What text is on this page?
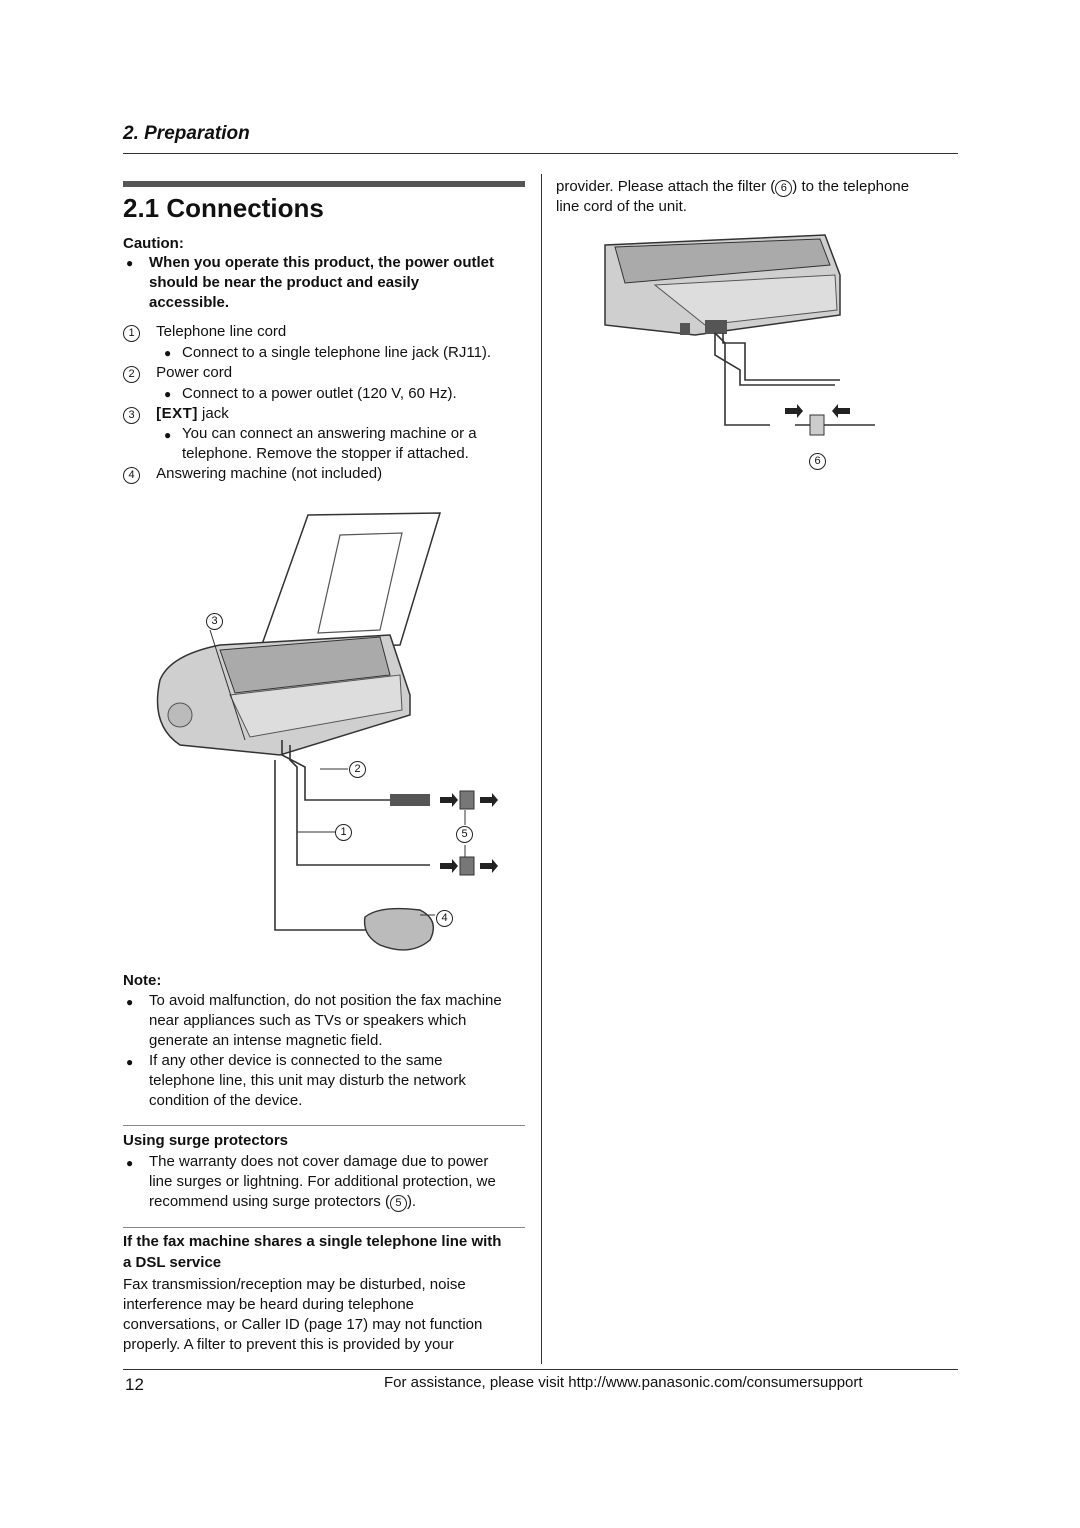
2. Preparation
2.1 Connections
Caution:
● When you operate this product, the power outlet
should be near the product and easily
accessible.
1 Telephone line cord
● Connect to a single telephone line jack (RJ11).
2 Power cord
● Connect to a power outlet (120 V, 60 Hz).
3 [EXT] jack
● You can connect an answering machine or a
telephone. Remove the stopper if attached.
4 Answering machine (not included)
3
2
1	5
4
Note:
● To avoid malfunction, do not position the fax machine
near appliances such as TVs or speakers which
generate an intense magnetic field.
● If any other device is connected to the same
telephone line, this unit may disturb the network
condition of the device.
Using surge protectors
● The warranty does not cover damage due to power
line surges or lightning. For additional protection, we
recommend using surge protectors ( 5 ).
If the fax machine shares a single telephone line with
a DSL service
Fax transmission/reception may be disturbed, noise
interference may be heard during telephone
conversations, or Caller ID (page 17) may not function
properly. A filter to prevent this is provided by your
provider. Please attach the filter ( 6 ) to the telephone
line cord of the unit.
6
12	For assistance, please visit http://www.panasonic.com/consumersupport
